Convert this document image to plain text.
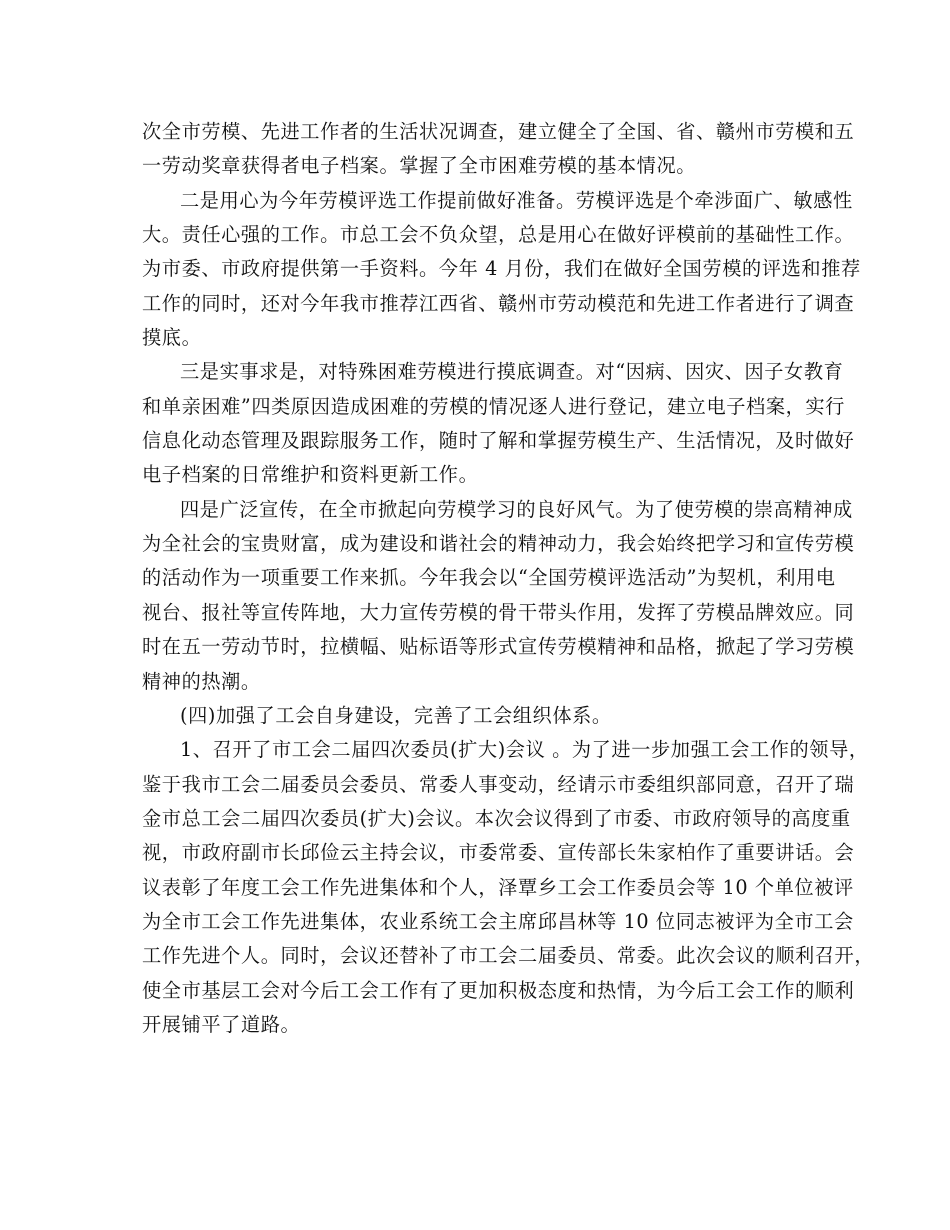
次全市劳模、先进工作者的生活状况调查，建立健全了全国、省、赣州市劳模和五
一劳动奖章获得者电子档案。掌握了全市困难劳模的基本情况。
二是用心为今年劳模评选工作提前做好准备。劳模评选是个牵涉面广、敏感性
大。责任心强的工作。市总工会不负众望，总是用心在做好评模前的基础性工作。
为市委、市政府提供第一手资料。今年 4 月份，我们在做好全国劳模的评选和推荐
工作的同时，还对今年我市推荐江西省、赣州市劳动模范和先进工作者进行了调查
摸底。
三是实事求是，对特殊困难劳模进行摸底调查。对“因病、因灾、因子女教育
和单亲困难”四类原因造成困难的劳模的情况逐人进行登记，建立电子档案，实行
信息化动态管理及跟踪服务工作，随时了解和掌握劳模生产、生活情况，及时做好
电子档案的日常维护和资料更新工作。
四是广泛宣传，在全市掀起向劳模学习的良好风气。为了使劳模的崇高精神成
为全社会的宝贵财富，成为建设和谐社会的精神动力，我会始终把学习和宣传劳模
的活动作为一项重要工作来抓。今年我会以“全国劳模评选活动”为契机，利用电
视台、报社等宣传阵地，大力宣传劳模的骨干带头作用，发挥了劳模品牌效应。同
时在五一劳动节时，拉横幅、贴标语等形式宣传劳模精神和品格，掀起了学习劳模
精神的热潮。
(四)加强了工会自身建设，完善了工会组织体系。
1、召开了市工会二届四次委员(扩大)会议 。为了进一步加强工会工作的领导，
鉴于我市工会二届委员会委员、常委人事变动，经请示市委组织部同意，召开了瑞
金市总工会二届四次委员(扩大)会议。本次会议得到了市委、市政府领导的高度重
视，市政府副市长邱俭云主持会议，市委常委、宣传部长朱家柏作了重要讲话。会
议表彰了年度工会工作先进集体和个人，泽覃乡工会工作委员会等 10 个单位被评
为全市工会工作先进集体，农业系统工会主席邱昌林等 10 位同志被评为全市工会
工作先进个人。同时，会议还替补了市工会二届委员、常委。此次会议的顺利召开，
使全市基层工会对今后工会工作有了更加积极态度和热情，为今后工会工作的顺利
开展铺平了道路。
